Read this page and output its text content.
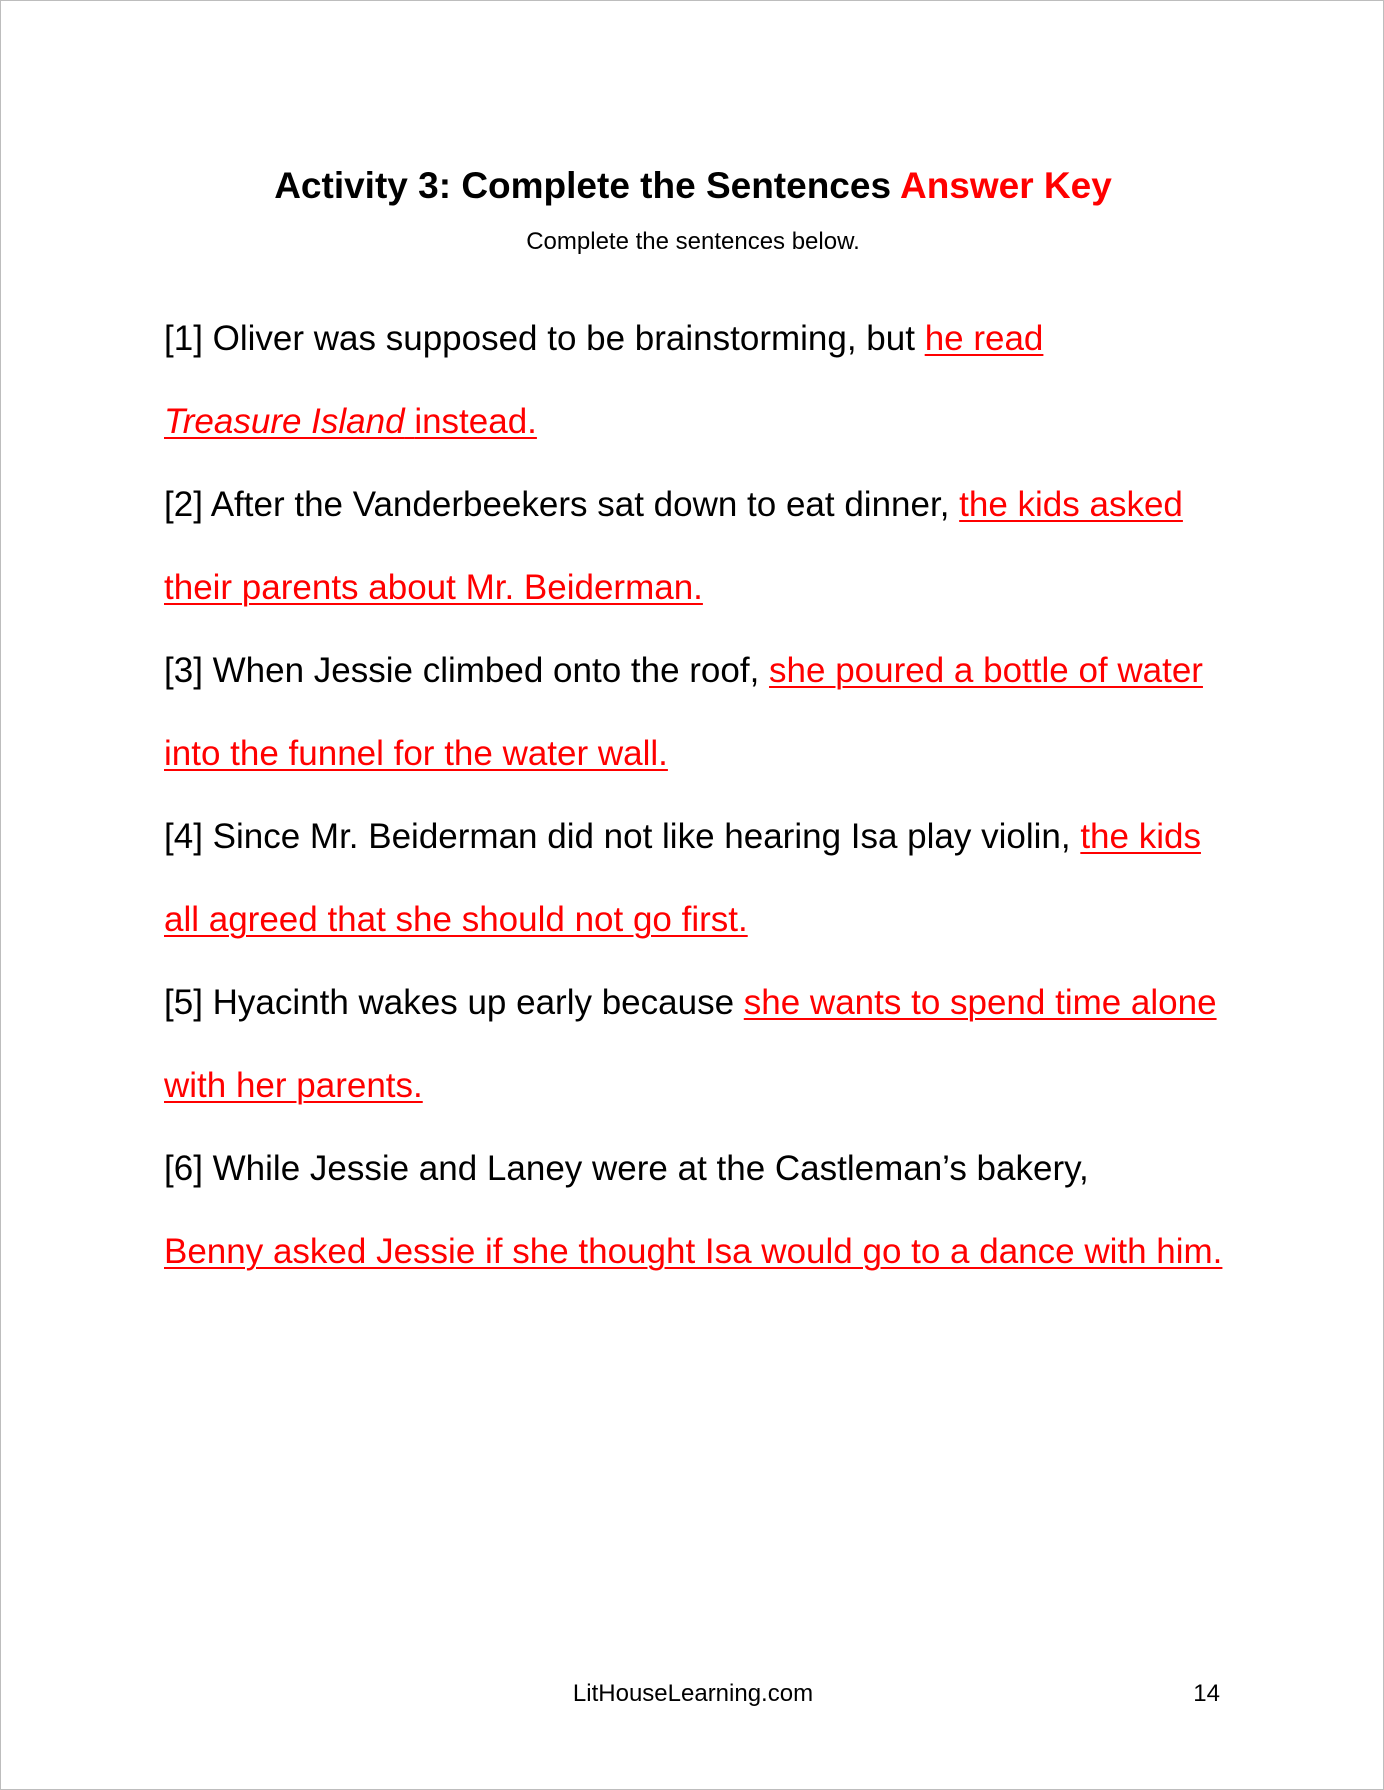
Activity 3: Complete the Sentences Answer Key
Complete the sentences below.

[1] Oliver was supposed to be brainstorming, but he read
Treasure Island instead.

[2] After the Vanderbeekers sat down to eat dinner, the kids asked their parents about Mr. Beiderman.

[3] When Jessie climbed onto the roof, she poured a bottle of water into the funnel for the water wall.

[4] Since Mr. Beiderman did not like hearing Isa play violin, the kids all agreed that she should not go first.

[5] Hyacinth wakes up early because she wants to spend time alone with her parents.

[6] While Jessie and Laney were at the Castleman’s bakery,
Benny asked Jessie if she thought Isa would go to a dance with him.

LitHouseLearning.com	14
